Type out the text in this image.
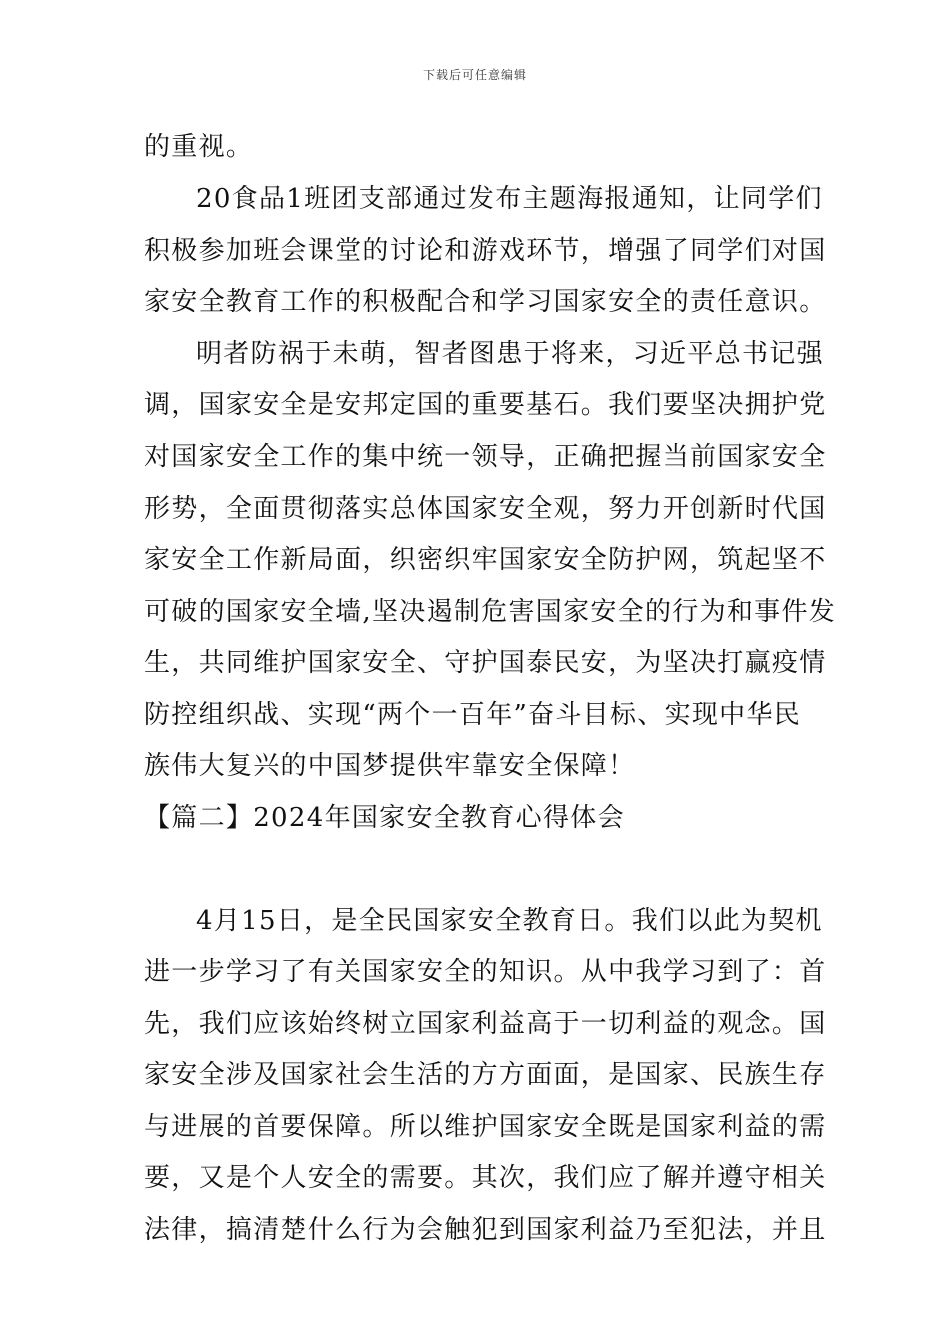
下载后可任意编辑
的重视。
20食品1班团支部通过发布主题海报通知，让同学们
积极参加班会课堂的讨论和游戏环节，增强了同学们对国
家安全教育工作的积极配合和学习国家安全的责任意识。
明者防祸于未萌，智者图患于将来，习近平总书记强
调，国家安全是安邦定国的重要基石。我们要坚决拥护党
对国家安全工作的集中统一领导，正确把握当前国家安全
形势，全面贯彻落实总体国家安全观，努力开创新时代国
家安全工作新局面，织密织牢国家安全防护网，筑起坚不
可破的国家安全墙,坚决遏制危害国家安全的行为和事件发
生，共同维护国家安全、守护国泰民安，为坚决打赢疫情
防控组织战、实现“两个一百年”奋斗目标、实现中华民
族伟大复兴的中国梦提供牢靠安全保障！
【篇二】2024年国家安全教育心得体会
4月15日，是全民国家安全教育日。我们以此为契机
进一步学习了有关国家安全的知识。从中我学习到了：首
先，我们应该始终树立国家利益高于一切利益的观念。国
家安全涉及国家社会生活的方方面面，是国家、民族生存
与进展的首要保障。所以维护国家安全既是国家利益的需
要，又是个人安全的需要。其次，我们应了解并遵守相关
法律，搞清楚什么行为会触犯到国家利益乃至犯法，并且
